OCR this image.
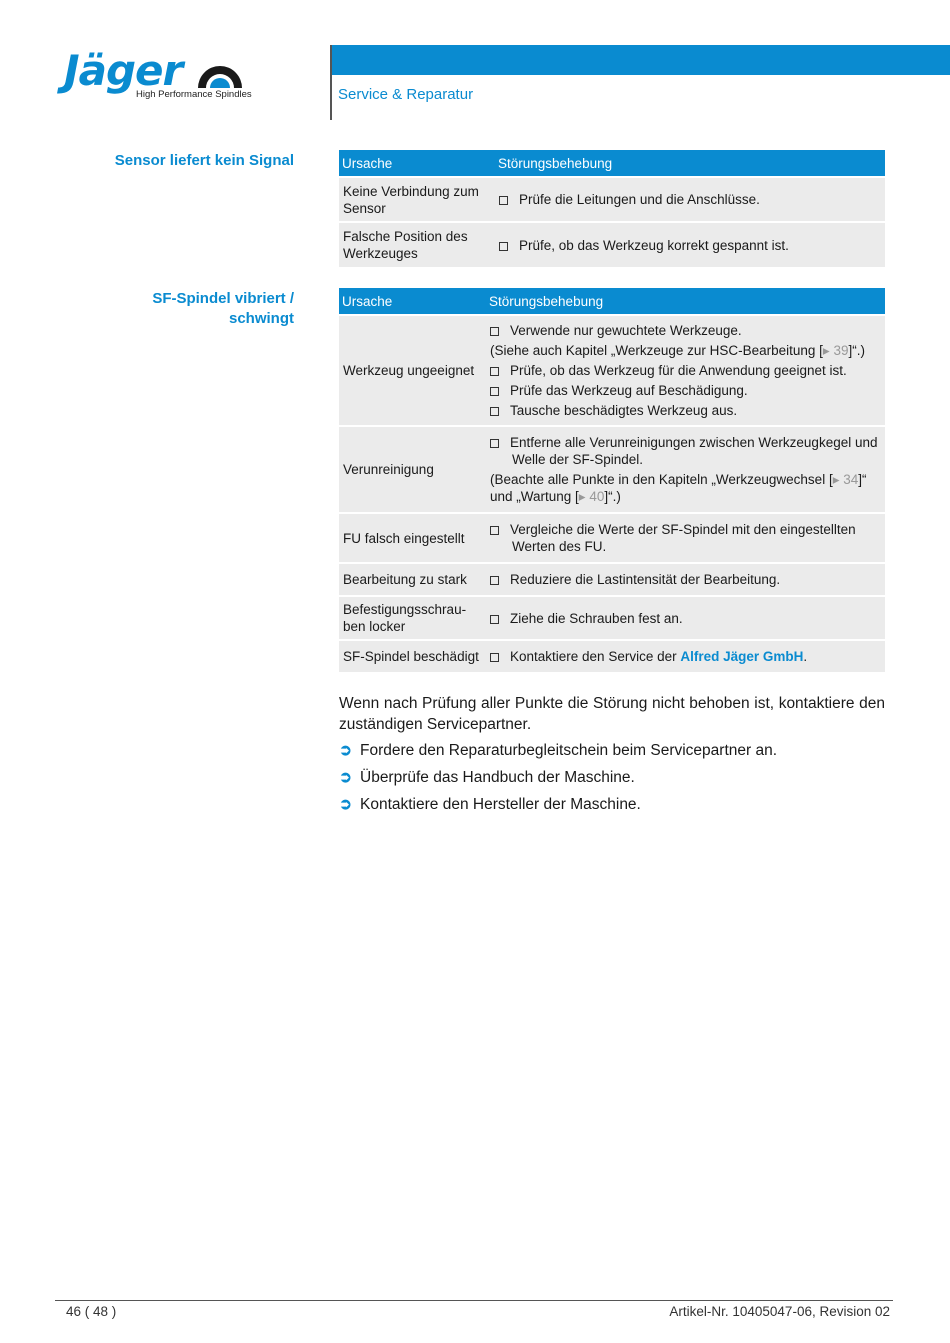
Jäger
High Performance Spindles	Service & Reparatur
Sensor liefert kein Signal
SF-Spindel vibriert /
schwingt
Ursache	Störungsbehebung
Keine Verbindung zum Sensor	Prüfe die Leitungen und die Anschlüsse.

Falsche Position des Werkzeuges	Prüfe, ob das Werkzeug korrekt gespannt ist.
Ursache	Störungsbehebung
Werkzeug ungeeignet	Verwende nur gewuchtete Werkzeuge.
(Siehe auch Kapitel „Werkzeuge zur HSC-Bearbeitung [▸ 39]“.)
Prüfe, ob das Werkzeug für die Anwendung geeignet ist.
Prüfe das Werkzeug auf Beschädigung.
Tausche beschädigtes Werkzeug aus.

Verunreinigung	Entferne alle Verunreinigungen zwischen Werkzeugkegel und Welle der SF-Spindel.
(Beachte alle Punkte in den Kapiteln „Werkzeugwechsel [▸ 34]“ und „Wartung [▸ 40]“.)

FU falsch eingestellt	Vergleiche die Werte der SF-Spindel mit den eingestellten Werten des FU.

Bearbeitung zu stark	Reduziere die Lastintensität der Bearbeitung.

Befestigungsschrau-ben locker	Ziehe die Schrauben fest an.

SF-Spindel beschädigt	Kontaktiere den Service der Alfred Jäger GmbH.
Wenn nach Prüfung aller Punkte die Störung nicht behoben ist, kontaktiere den zuständigen Servicepartner.
➲ Fordere den Reparaturbegleitschein beim Servicepartner an.
➲ Überprüfe das Handbuch der Maschine.
➲ Kontaktiere den Hersteller der Maschine.
46 ( 48 )	Artikel-Nr. 10405047-06, Revision 02
